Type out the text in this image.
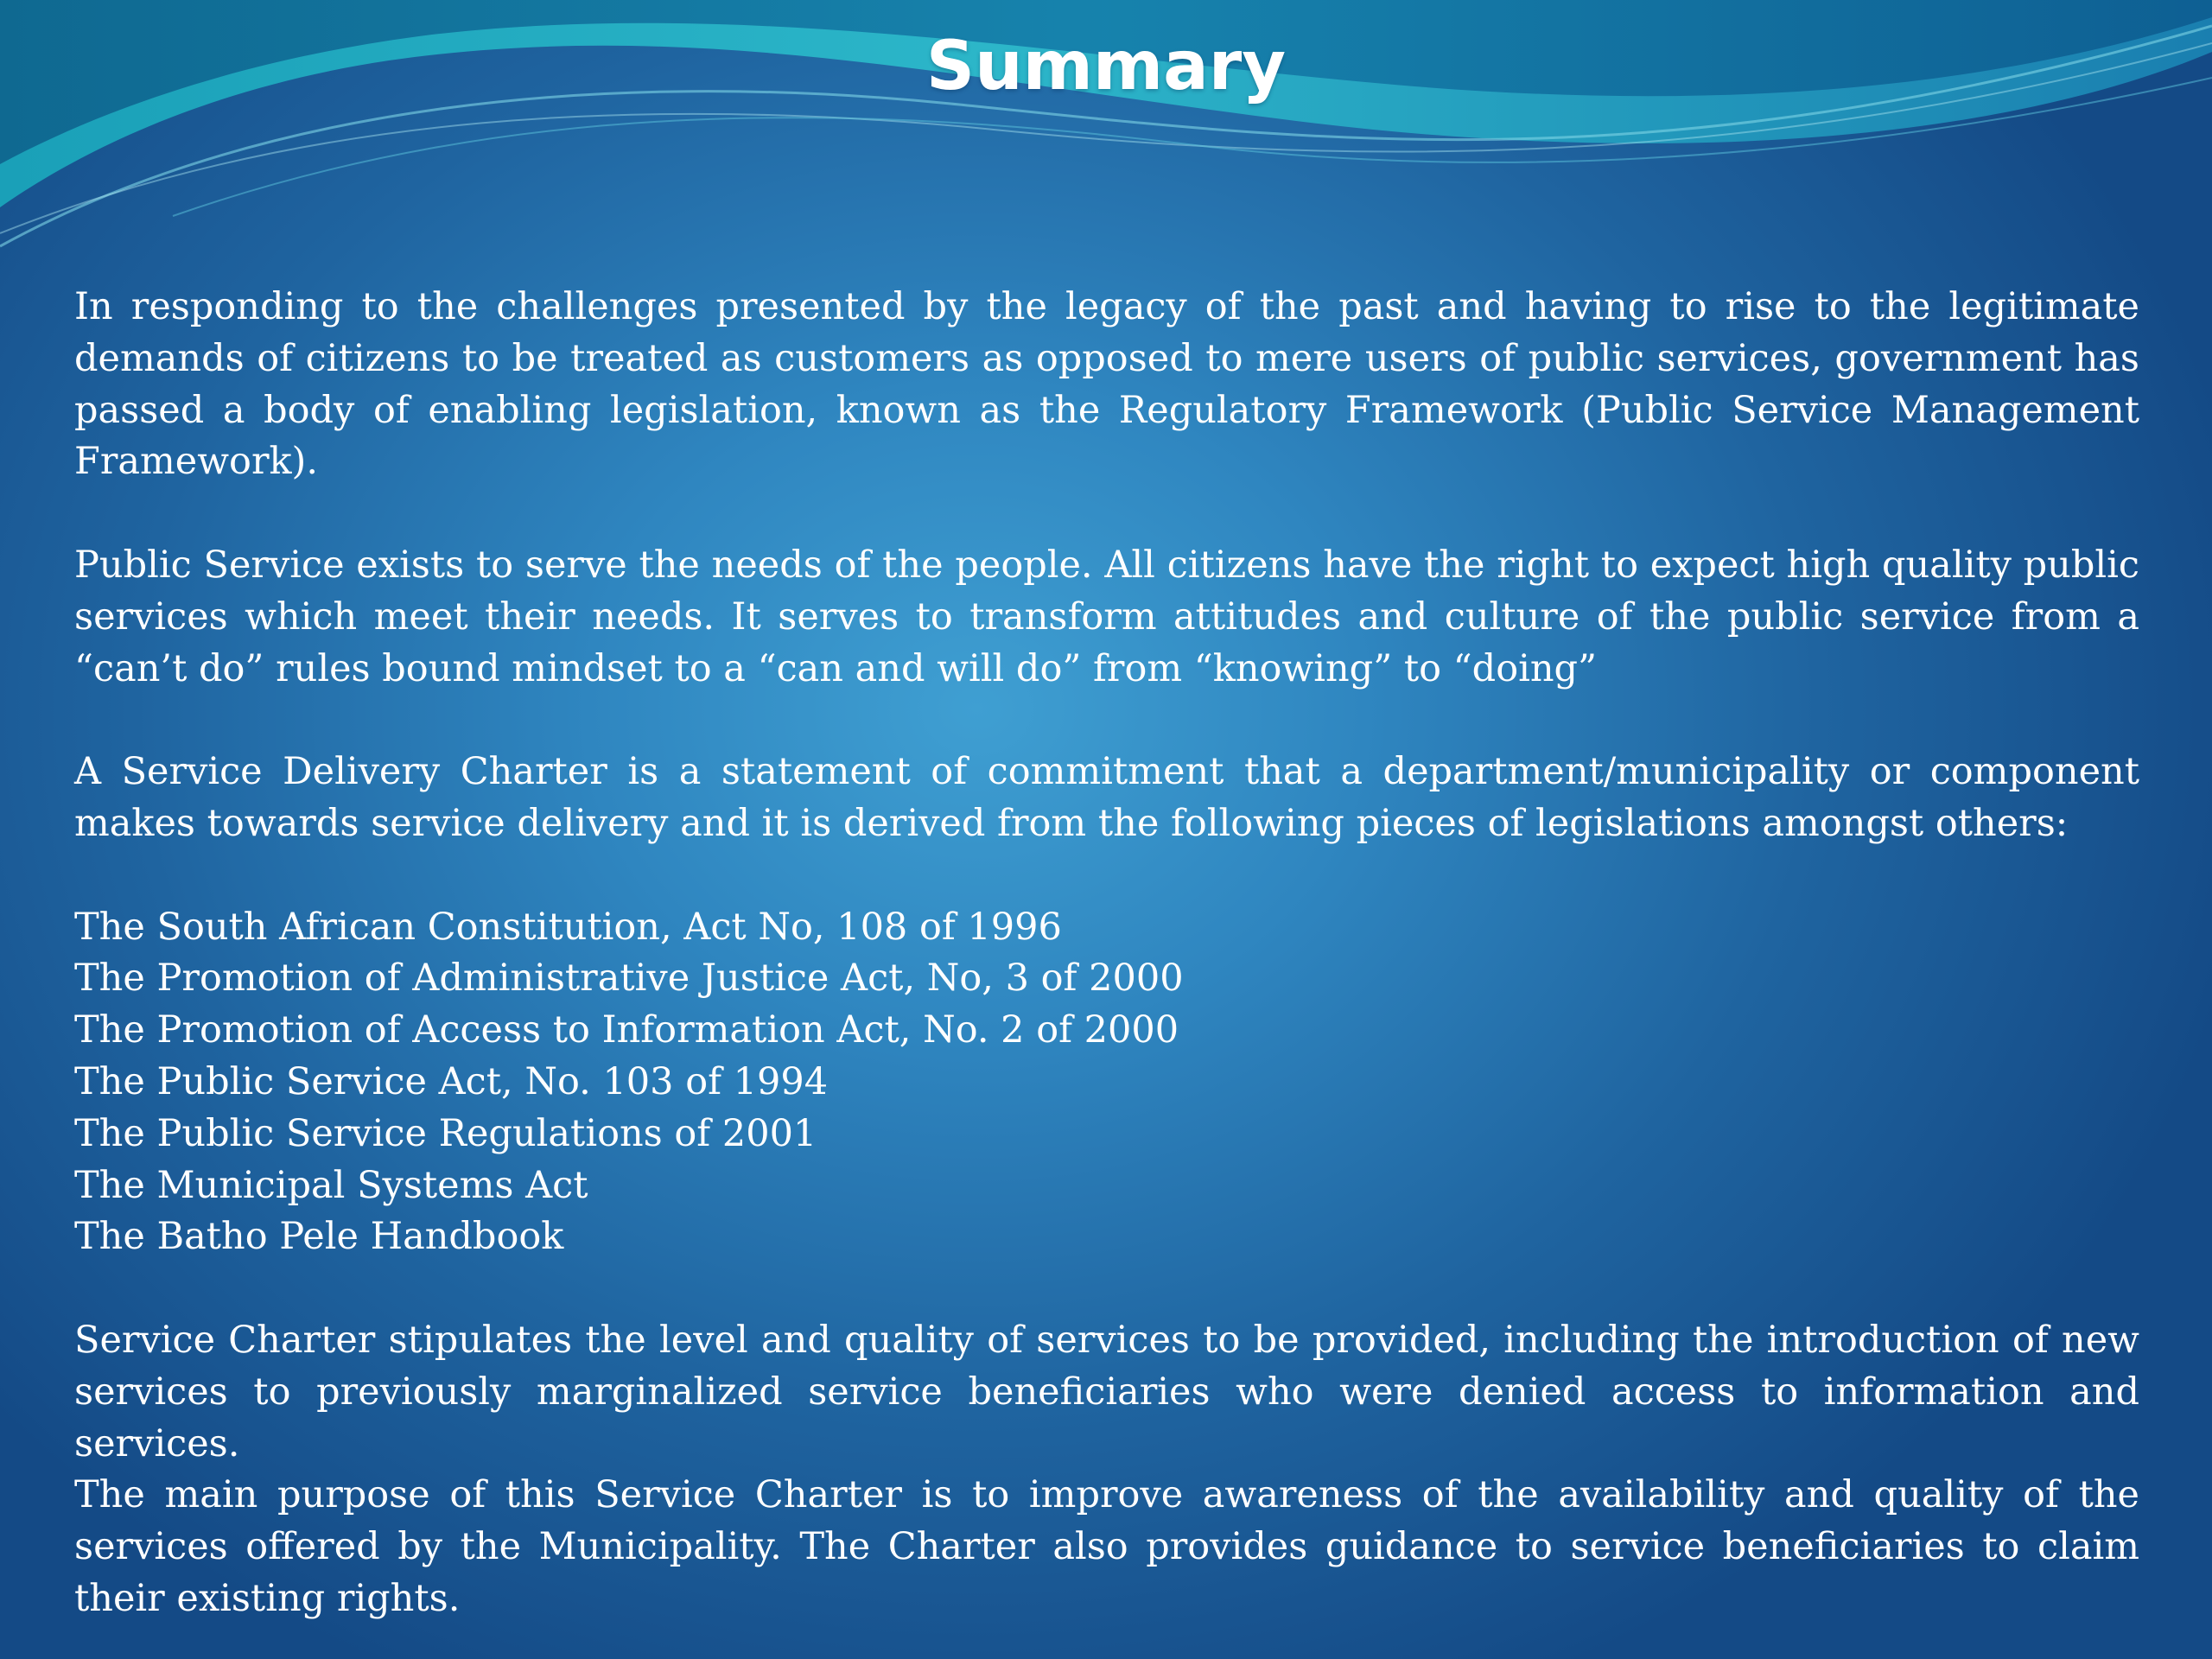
Summary

In responding to the challenges presented by the legacy of the past and having to rise to the legitimate demands of citizens to be treated as customers as opposed to mere users of public services, government has passed a body of enabling legislation, known as the Regulatory Framework (Public Service Management Framework).

Public Service exists to serve the needs of the people. All citizens have the right to expect high quality public services which meet their needs. It serves to transform attitudes and culture of the public service from a “can’t do” rules bound mindset to a “can and will do” from “knowing” to “doing”

A Service Delivery Charter is a statement of commitment that a department/municipality or component makes towards service delivery and it is derived from the following pieces of legislations amongst others:

The South African Constitution, Act No, 108 of 1996
The Promotion of Administrative Justice Act, No, 3 of 2000
The Promotion of Access to Information Act, No. 2 of 2000
The Public Service Act, No. 103 of 1994
The Public Service Regulations of 2001
The Municipal Systems Act
The Batho Pele Handbook

Service Charter stipulates the level and quality of services to be provided, including the introduction of new services to previously marginalized service beneficiaries who were denied access to information and services.

The main purpose of this Service Charter is to improve awareness of the availability and quality of the services offered by the Municipality. The Charter also provides guidance to service beneficiaries to claim their existing rights.
